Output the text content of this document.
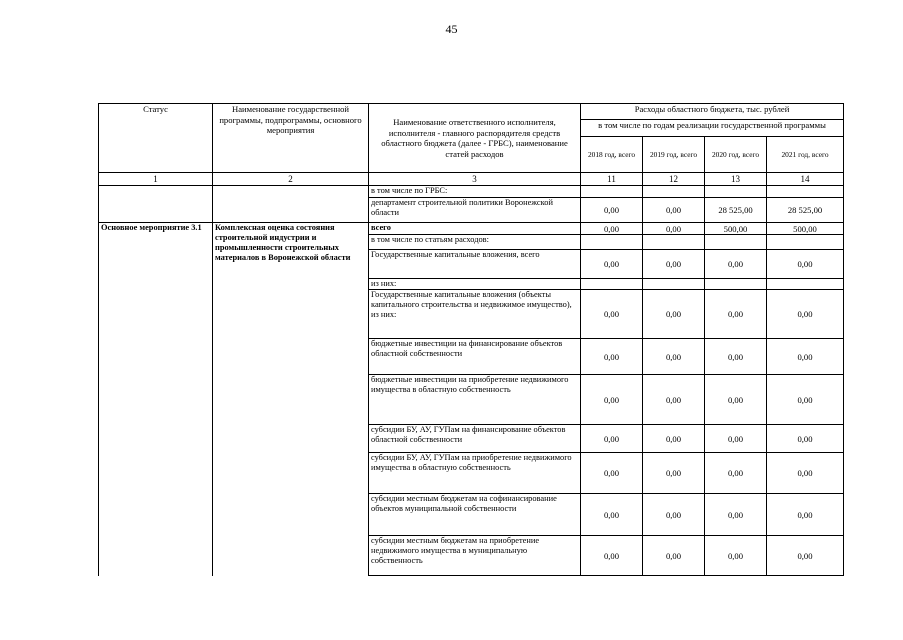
45
Статус	Наименование государственной программы, подпрограммы, основного мероприятия	Наименование ответственного исполнителя, исполнителя - главного распорядителя средств областного бюджета (далее - ГРБС), наименование статей расходов	Расходы областного бюджета, тыс. рублей			
			в том числе по годам реализации государственной программы			
			2018 год, всего	2019 год, всего	2020 год, всего	2021 год, всего
1	2	3	11	12	13	14
		в том числе по ГРБС:				
		департамент строительной политики Воронежской области	0,00	0,00	28 525,00	28 525,00
Основное мероприятие 3.1	Комплексная оценка состояния строительной индустрии и промышленности строительных материалов в Воронежской области	всего	0,00	0,00	500,00	500,00
		в том числе по статьям расходов:				
		Государственные капитальные вложения, всего	0,00	0,00	0,00	0,00
		из них:				
		Государственные капитальные вложения (объекты капитального строительства и недвижимое имущество), из них:	0,00	0,00	0,00	0,00
		бюджетные инвестиции на финансирование объектов областной собственности	0,00	0,00	0,00	0,00
		бюджетные инвестиции на приобретение недвижимого имущества в областную собственность	0,00	0,00	0,00	0,00
		субсидии БУ, АУ, ГУПам на финансирование объектов областной собственности	0,00	0,00	0,00	0,00
		субсидии БУ, АУ, ГУПам на приобретение недвижимого имущества в областную собственность	0,00	0,00	0,00	0,00
		субсидии местным бюджетам на софинансирование объектов муниципальной собственности	0,00	0,00	0,00	0,00
		субсидии местным бюджетам на приобретение недвижимого имущества в муниципальную собственность	0,00	0,00	0,00	0,00
